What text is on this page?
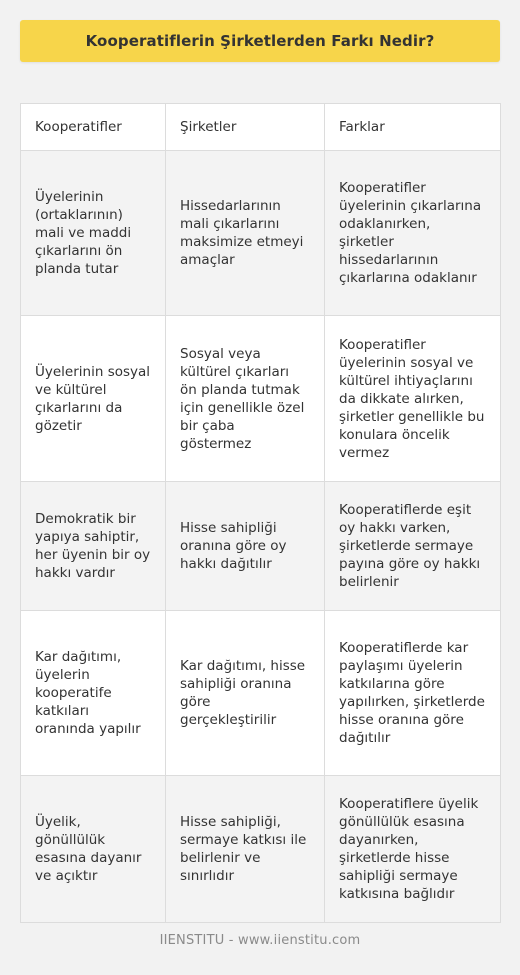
Kooperatiflerin Şirketlerden Farkı Nedir?
Kooperatifler	Şirketler	Farklar
Üyelerinin (ortaklarının) mali ve maddi çıkarlarını ön planda tutar	Hissedarlarının mali çıkarlarını maksimize etmeyi amaçlar	Kooperatifler üyelerinin çıkarlarına odaklanırken, şirketler hissedarlarının çıkarlarına odaklanır
Üyelerinin sosyal ve kültürel çıkarlarını da gözetir	Sosyal veya kültürel çıkarları ön planda tutmak için genellikle özel bir çaba göstermez	Kooperatifler üyelerinin sosyal ve kültürel ihtiyaçlarını da dikkate alırken, şirketler genellikle bu konulara öncelik vermez
Demokratik bir yapıya sahiptir, her üyenin bir oy hakkı vardır	Hisse sahipliği oranına göre oy hakkı dağıtılır	Kooperatiflerde eşit oy hakkı varken, şirketlerde sermaye payına göre oy hakkı belirlenir
Kar dağıtımı, üyelerin kooperatife katkıları oranında yapılır	Kar dağıtımı, hisse sahipliği oranına göre gerçekleştirilir	Kooperatiflerde kar paylaşımı üyelerin katkılarına göre yapılırken, şirketlerde hisse oranına göre dağıtılır
Üyelik, gönüllülük esasına dayanır ve açıktır	Hisse sahipliği, sermaye katkısı ile belirlenir ve sınırlıdır	Kooperatiflere üyelik gönüllülük esasına dayanırken, şirketlerde hisse sahipliği sermaye katkısına bağlıdır
IIENSTITU - www.iienstitu.com
